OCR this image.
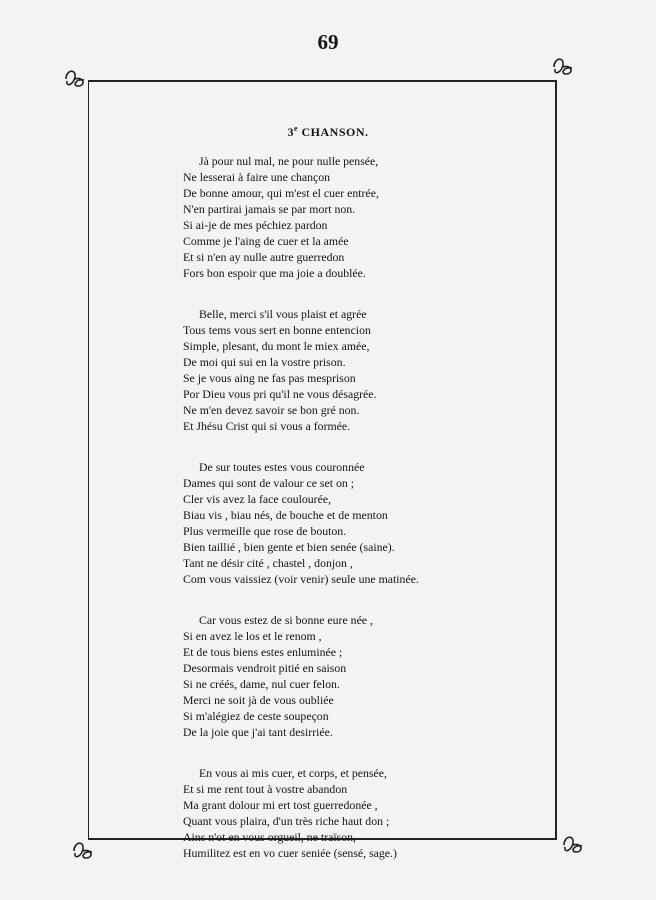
69
3e CHANSON.
Jà pour nul mal, ne pour nulle pensée,
Ne lesserai à faire une chançon
De bonne amour, qui m'est el cuer entrée,
N'en partirai jamais se par mort non.
Si ai-je de mes péchiez pardon
Comme je l'aing de cuer et la amée
Et si n'en ay nulle autre guerredon
Fors bon espoir que ma joie a doublée.
Belle, merci s'il vous plaist et agrée
Tous tems vous sert en bonne entencion
Simple, plesant, du mont le miex amée,
De moi qui sui en la vostre prison.
Se je vous aing ne fas pas mesprison
Por Dieu vous pri qu'il ne vous désagrée.
Ne m'en devez savoir se bon gré non.
Et Jhésu Crist qui si vous a formée.
De sur toutes estes vous couronnée
Dames qui sont de valour ce set on ;
Cler vis avez la face coulourée,
Biau vis , biau nés, de bouche et de menton
Plus vermeille que rose de bouton.
Bien taillié , bien gente et bien senée (saine).
Tant ne désir cité , chastel , donjon ,
Com vous vaissiez (voir venir) seule une matinée.
Car vous estez de si bonne eure née ,
Si en avez le los et le renom ,
Et de tous biens estes enluminée ;
Desormais vendroit pitié en saison
Si ne créés, dame, nul cuer felon.
Merci ne soit jà de vous oubliée
Si m'alégiez de ceste soupeçon
De la joie que j'ai tant desirriée.
En vous ai mis cuer, et corps, et pensée,
Et si me rent tout à vostre abandon
Ma grant dolour mi ert tost guerredonée ,
Quant vous plaira, d'un très riche haut don ;
Ains n'ot en vous orgueil, ne traïson,
Humilitez est en vo cuer seniée (sensé, sage.)
